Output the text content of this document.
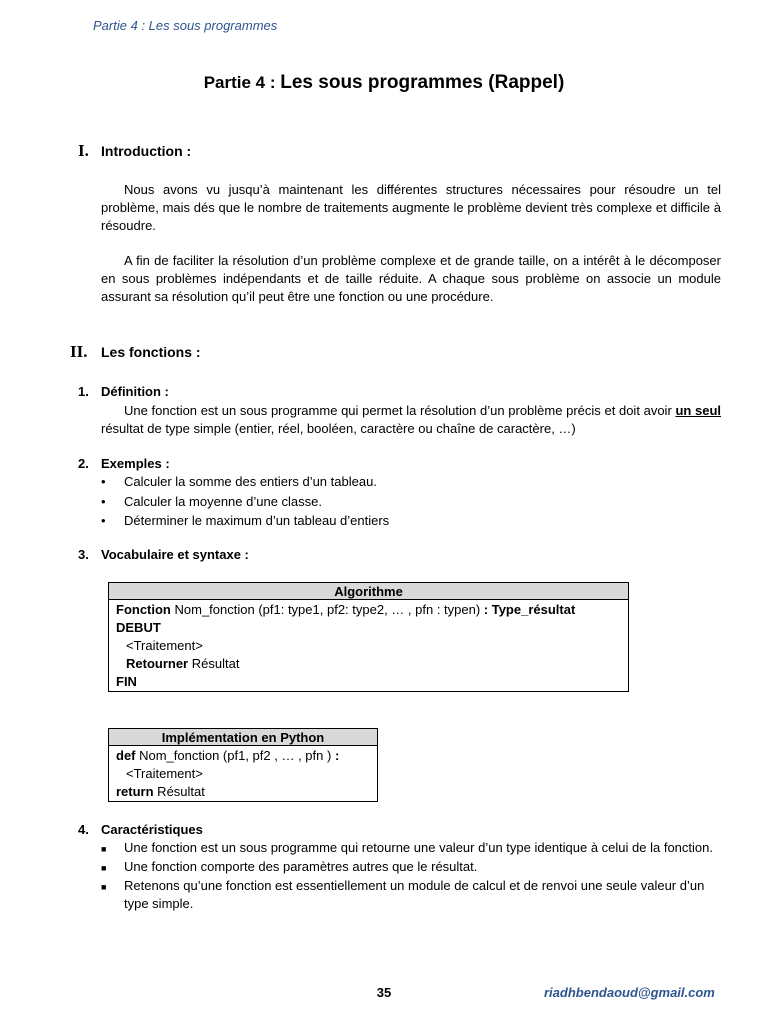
Partie 4 : Les sous programmes
Partie 4 : Les sous programmes (Rappel)
I. Introduction :

Nous avons vu jusqu’à maintenant les différentes structures nécessaires pour résoudre un tel problème, mais dés que le nombre de traitements augmente le problème devient très complexe et difficile à résoudre.

A fin de faciliter la résolution d’un problème complexe et de grande taille, on a intérêt à le décomposer en sous problèmes indépendants et de taille réduite. A chaque sous problème on associe un module assurant sa résolution qu’il peut être une fonction ou une procédure.

II. Les fonctions :
1. Définition :

Une fonction est un sous programme qui permet la résolution d’un problème précis et doit avoir un seul résultat de type simple (entier, réel, booléen, caractère ou chaîne de caractère, …)

2. Exemples :
•	Calculer la somme des entiers d’un tableau.
•	Calculer la moyenne d’une classe.
•	Déterminer le maximum d’un tableau d’entiers
3. Vocabulaire et syntaxe :
Algorithme

Fonction Nom_fonction (pf1: type1, pf2: type2, … , pfn : typen) : Type_résultat
DEBUT
<Traitement>
Retourner Résultat
FIN
Implémentation en Python

def Nom_fonction (pf1, pf2 , … , pfn ) :
<Traitement>
return Résultat
4. Caractéristiques
■	Une fonction est un sous programme qui retourne une valeur d’un type identique à celui de la fonction.
■	Une fonction comporte des paramètres autres que le résultat.
■	Retenons qu’une fonction est essentiellement un module de calcul et de renvoi une seule valeur d’un type simple.
35	riadhbendaoud@gmail.com
